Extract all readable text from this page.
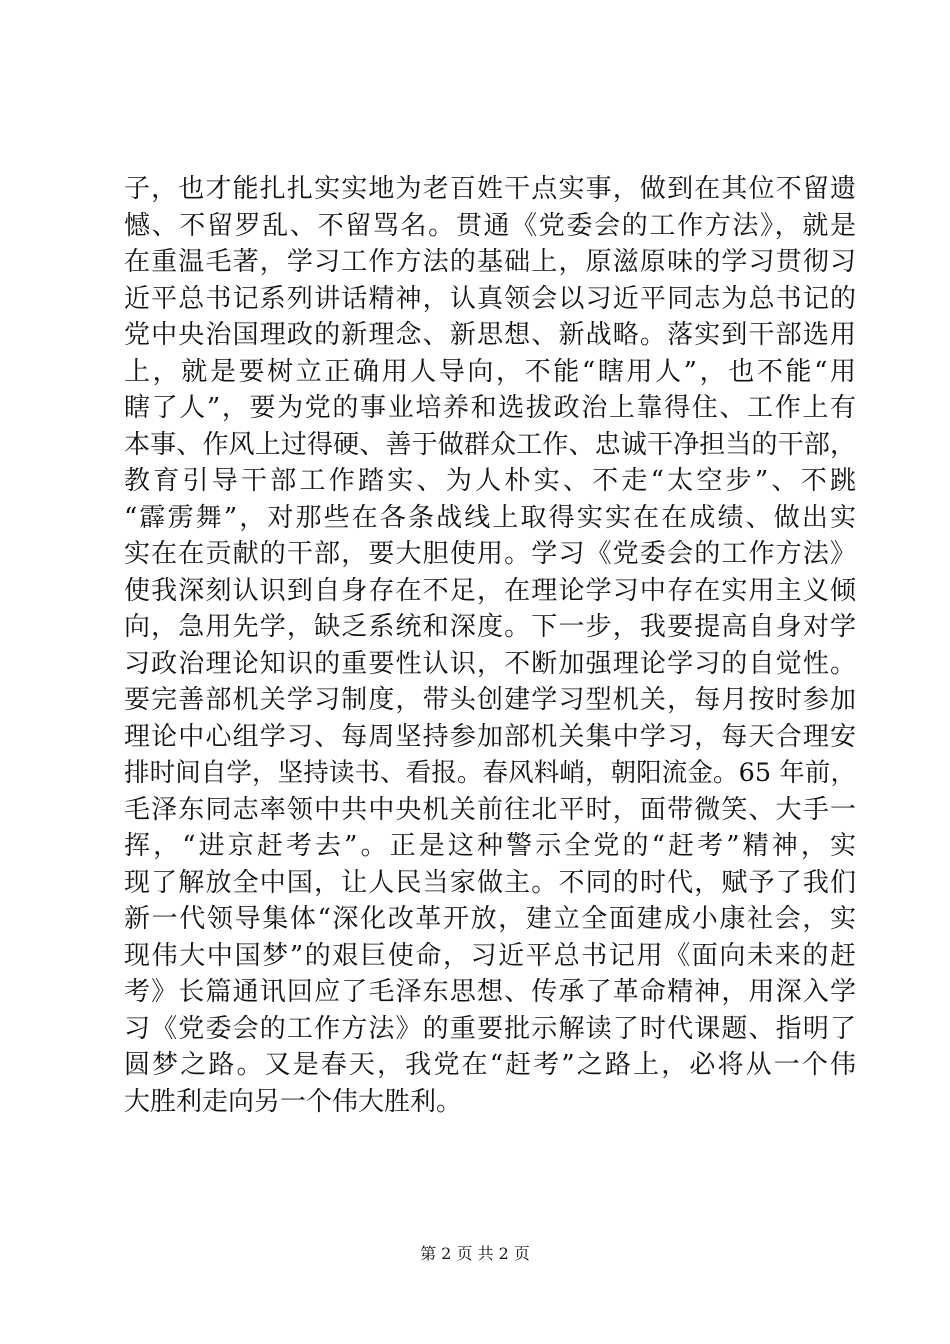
子，也才能扎扎实实地为老百姓干点实事，做到在其位不留遗
憾、不留罗乱、不留骂名。贯通《党委会的工作方法》，就是
在重温毛著，学习工作方法的基础上，原滋原味的学习贯彻习
近平总书记系列讲话精神，认真领会以习近平同志为总书记的
党中央治国理政的新理念、新思想、新战略。落实到干部选用
上，就是要树立正确用人导向，不能“瞎用人”，也不能“用
瞎了人”，要为党的事业培养和选拔政治上靠得住、工作上有
本事、作风上过得硬、善于做群众工作、忠诚干净担当的干部，
教育引导干部工作踏实、为人朴实、不走“太空步”、不跳
“霹雳舞”，对那些在各条战线上取得实实在在成绩、做出实
实在在贡献的干部，要大胆使用。学习《党委会的工作方法》
使我深刻认识到自身存在不足，在理论学习中存在实用主义倾
向，急用先学，缺乏系统和深度。下一步，我要提高自身对学
习政治理论知识的重要性认识，不断加强理论学习的自觉性。
要完善部机关学习制度，带头创建学习型机关，每月按时参加
理论中心组学习、每周坚持参加部机关集中学习，每天合理安
排时间自学，坚持读书、看报。春风料峭，朝阳流金。65 年前，
毛泽东同志率领中共中央机关前往北平时，面带微笑、大手一
挥，“进京赶考去”。正是这种警示全党的“赶考”精神，实
现了解放全中国，让人民当家做主。不同的时代，赋予了我们
新一代领导集体“深化改革开放，建立全面建成小康社会，实
现伟大中国梦”的艰巨使命，习近平总书记用《面向未来的赶
考》长篇通讯回应了毛泽东思想、传承了革命精神，用深入学
习《党委会的工作方法》的重要批示解读了时代课题、指明了
圆梦之路。又是春天，我党在“赶考”之路上，必将从一个伟
大胜利走向另一个伟大胜利。
第 2 页 共 2 页
